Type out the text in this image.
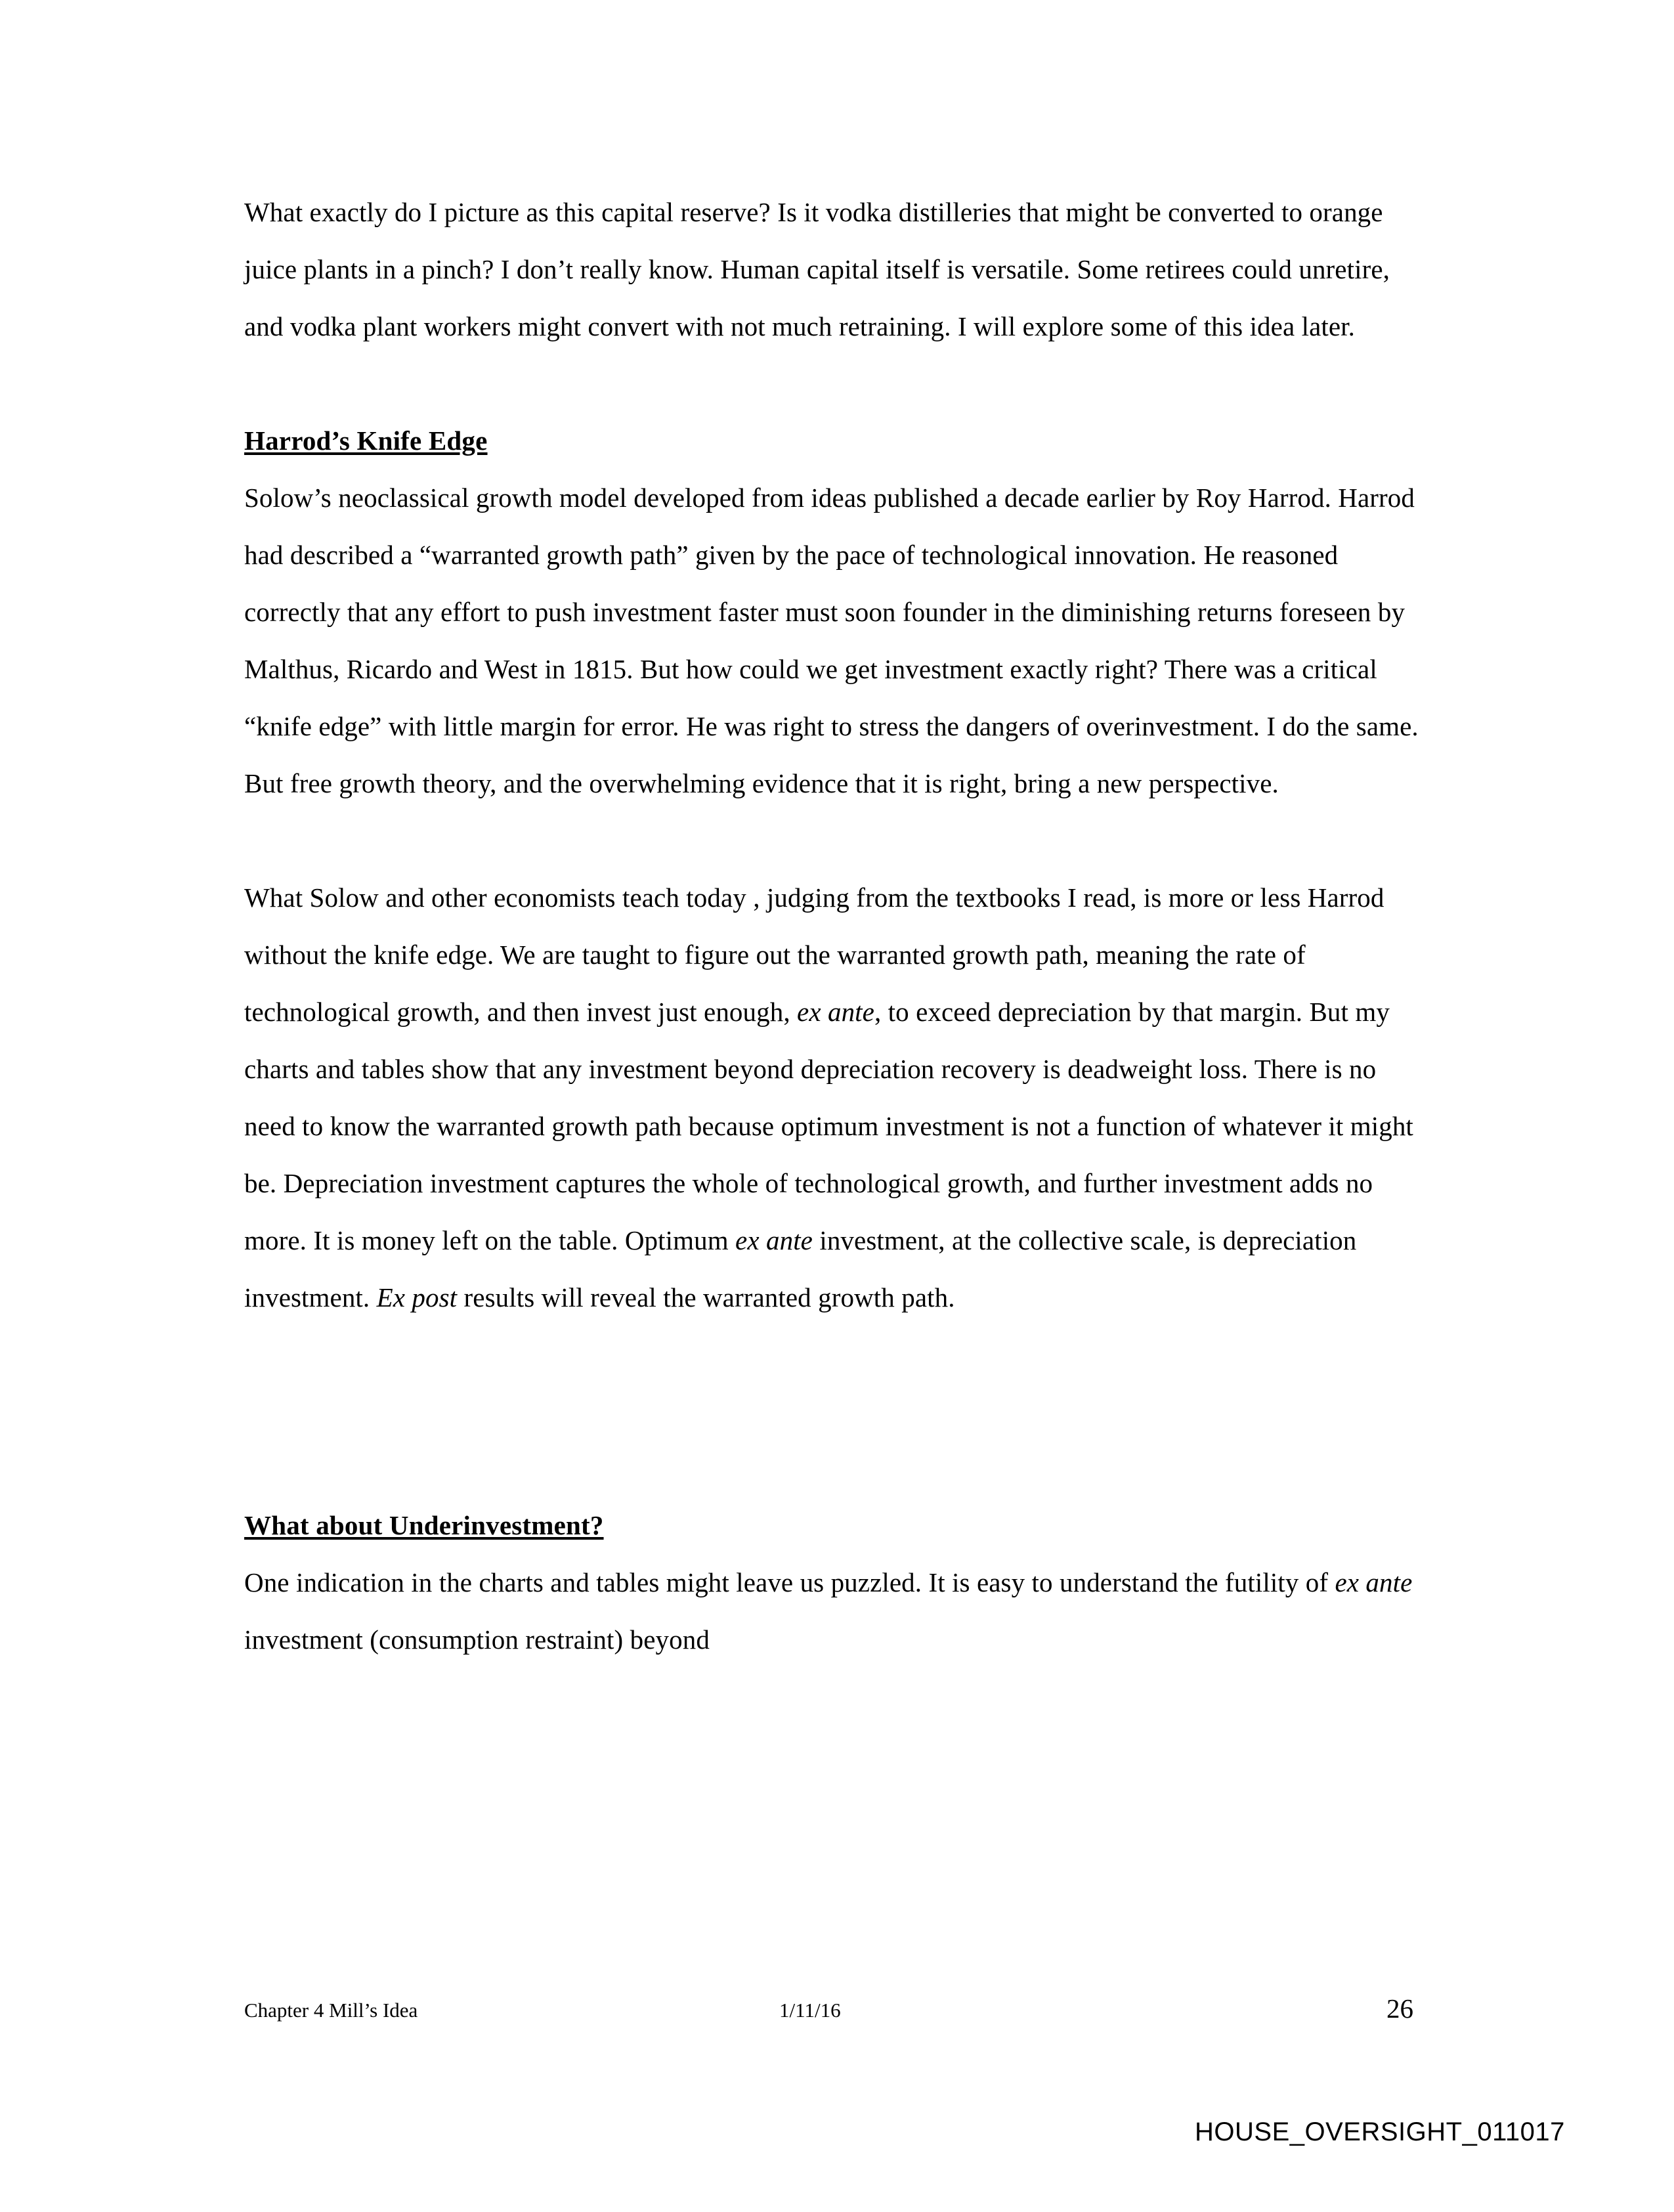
What exactly do I picture as this capital reserve? Is it vodka distilleries that might be converted to orange juice plants in a pinch? I don’t really know. Human capital itself is versatile. Some retirees could unretire, and vodka plant workers might convert with not much retraining. I will explore some of this idea later.

Harrod’s Knife Edge

Solow’s neoclassical growth model developed from ideas published a decade earlier by Roy Harrod. Harrod had described a “warranted growth path” given by the pace of technological innovation. He reasoned correctly that any effort to push investment faster must soon founder in the diminishing returns foreseen by Malthus, Ricardo and West in 1815. But how could we get investment exactly right? There was a critical “knife edge” with little margin for error. He was right to stress the dangers of overinvestment. I do the same. But free growth theory, and the overwhelming evidence that it is right, bring a new perspective.

What Solow and other economists teach today , judging from the textbooks I read, is more or less Harrod without the knife edge. We are taught to figure out the warranted growth path, meaning the rate of technological growth, and then invest just enough, ex ante, to exceed depreciation by that margin. But my charts and tables show that any investment beyond depreciation recovery is deadweight loss. There is no need to know the warranted growth path because optimum investment is not a function of whatever it might be. Depreciation investment captures the whole of technological growth, and further investment adds no more. It is money left on the table. Optimum ex ante investment, at the collective scale, is depreciation investment. Ex post results will reveal the warranted growth path.

What about Underinvestment?

One indication in the charts and tables might leave us puzzled. It is easy to understand the futility of ex ante investment (consumption restraint) beyond

Chapter 4 Mill’s Idea	1/11/16	26
HOUSE_OVERSIGHT_011017
